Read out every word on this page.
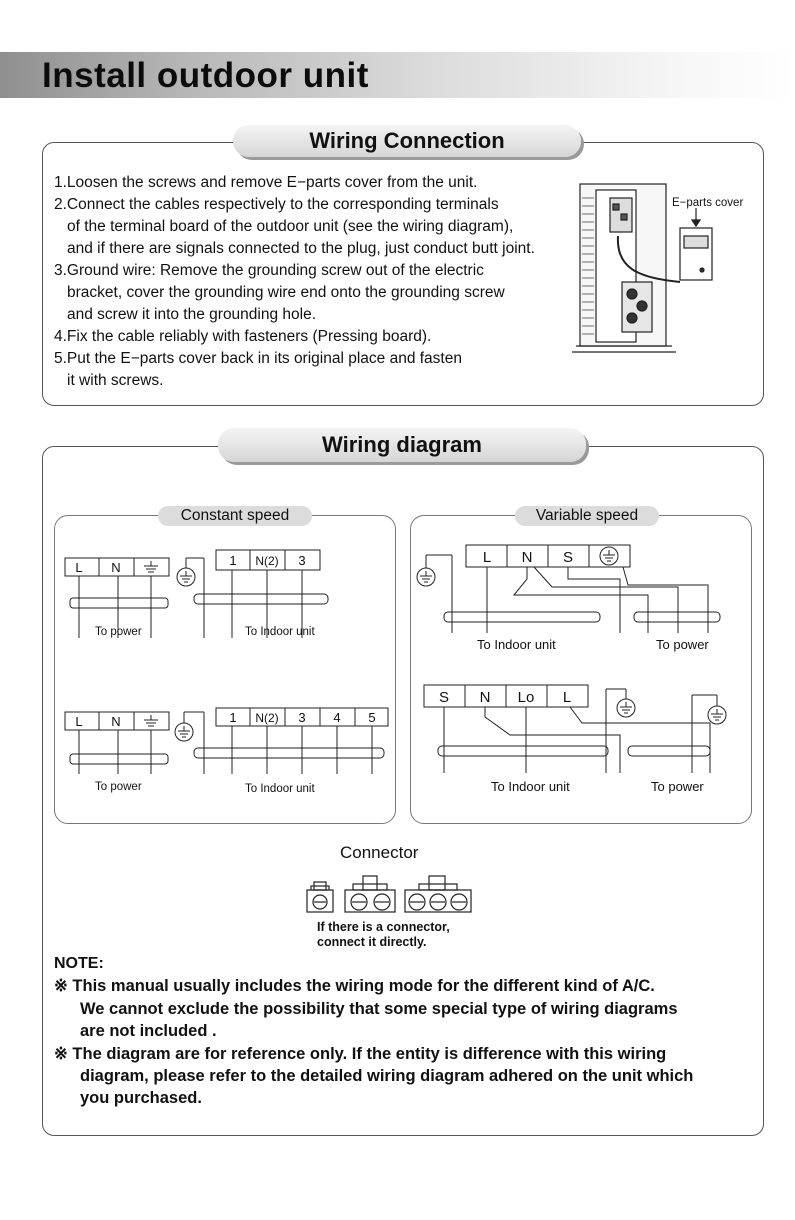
Install outdoor unit
Wiring Connection
1.Loosen the screws and remove E−parts cover from the unit.
2.Connect the cables respectively to the corresponding terminals
of the terminal board of the outdoor unit (see the wiring diagram),
and if there are signals connected to the plug, just conduct butt joint.
3.Ground wire: Remove the grounding screw out of the electric
bracket, cover the grounding wire end onto the grounding screw
and screw it into the grounding hole.
4.Fix the cable reliably with fasteners (Pressing board).
5.Put the E−parts cover back in its original place and fasten
it with screws.
E−parts cover
Wiring diagram
Constant speed	Variable speed
L N	1 N(2) 3
L N	1 N(2) 3 4 5
To power	To Indoor unit
To power	To Indoor unit
L N S
S N Lo L
To Indoor unit	To power
To Indoor unit	To power
Connector
If there is a connector,
connect it directly.
NOTE:
※ This manual usually includes the wiring mode for the different kind of A/C.
We cannot exclude the possibility that some special type of wiring diagrams
are not included .
※ The diagram are for reference only. If the entity is difference with this wiring
diagram, please refer to the detailed wiring diagram adhered on the unit which
you purchased.
